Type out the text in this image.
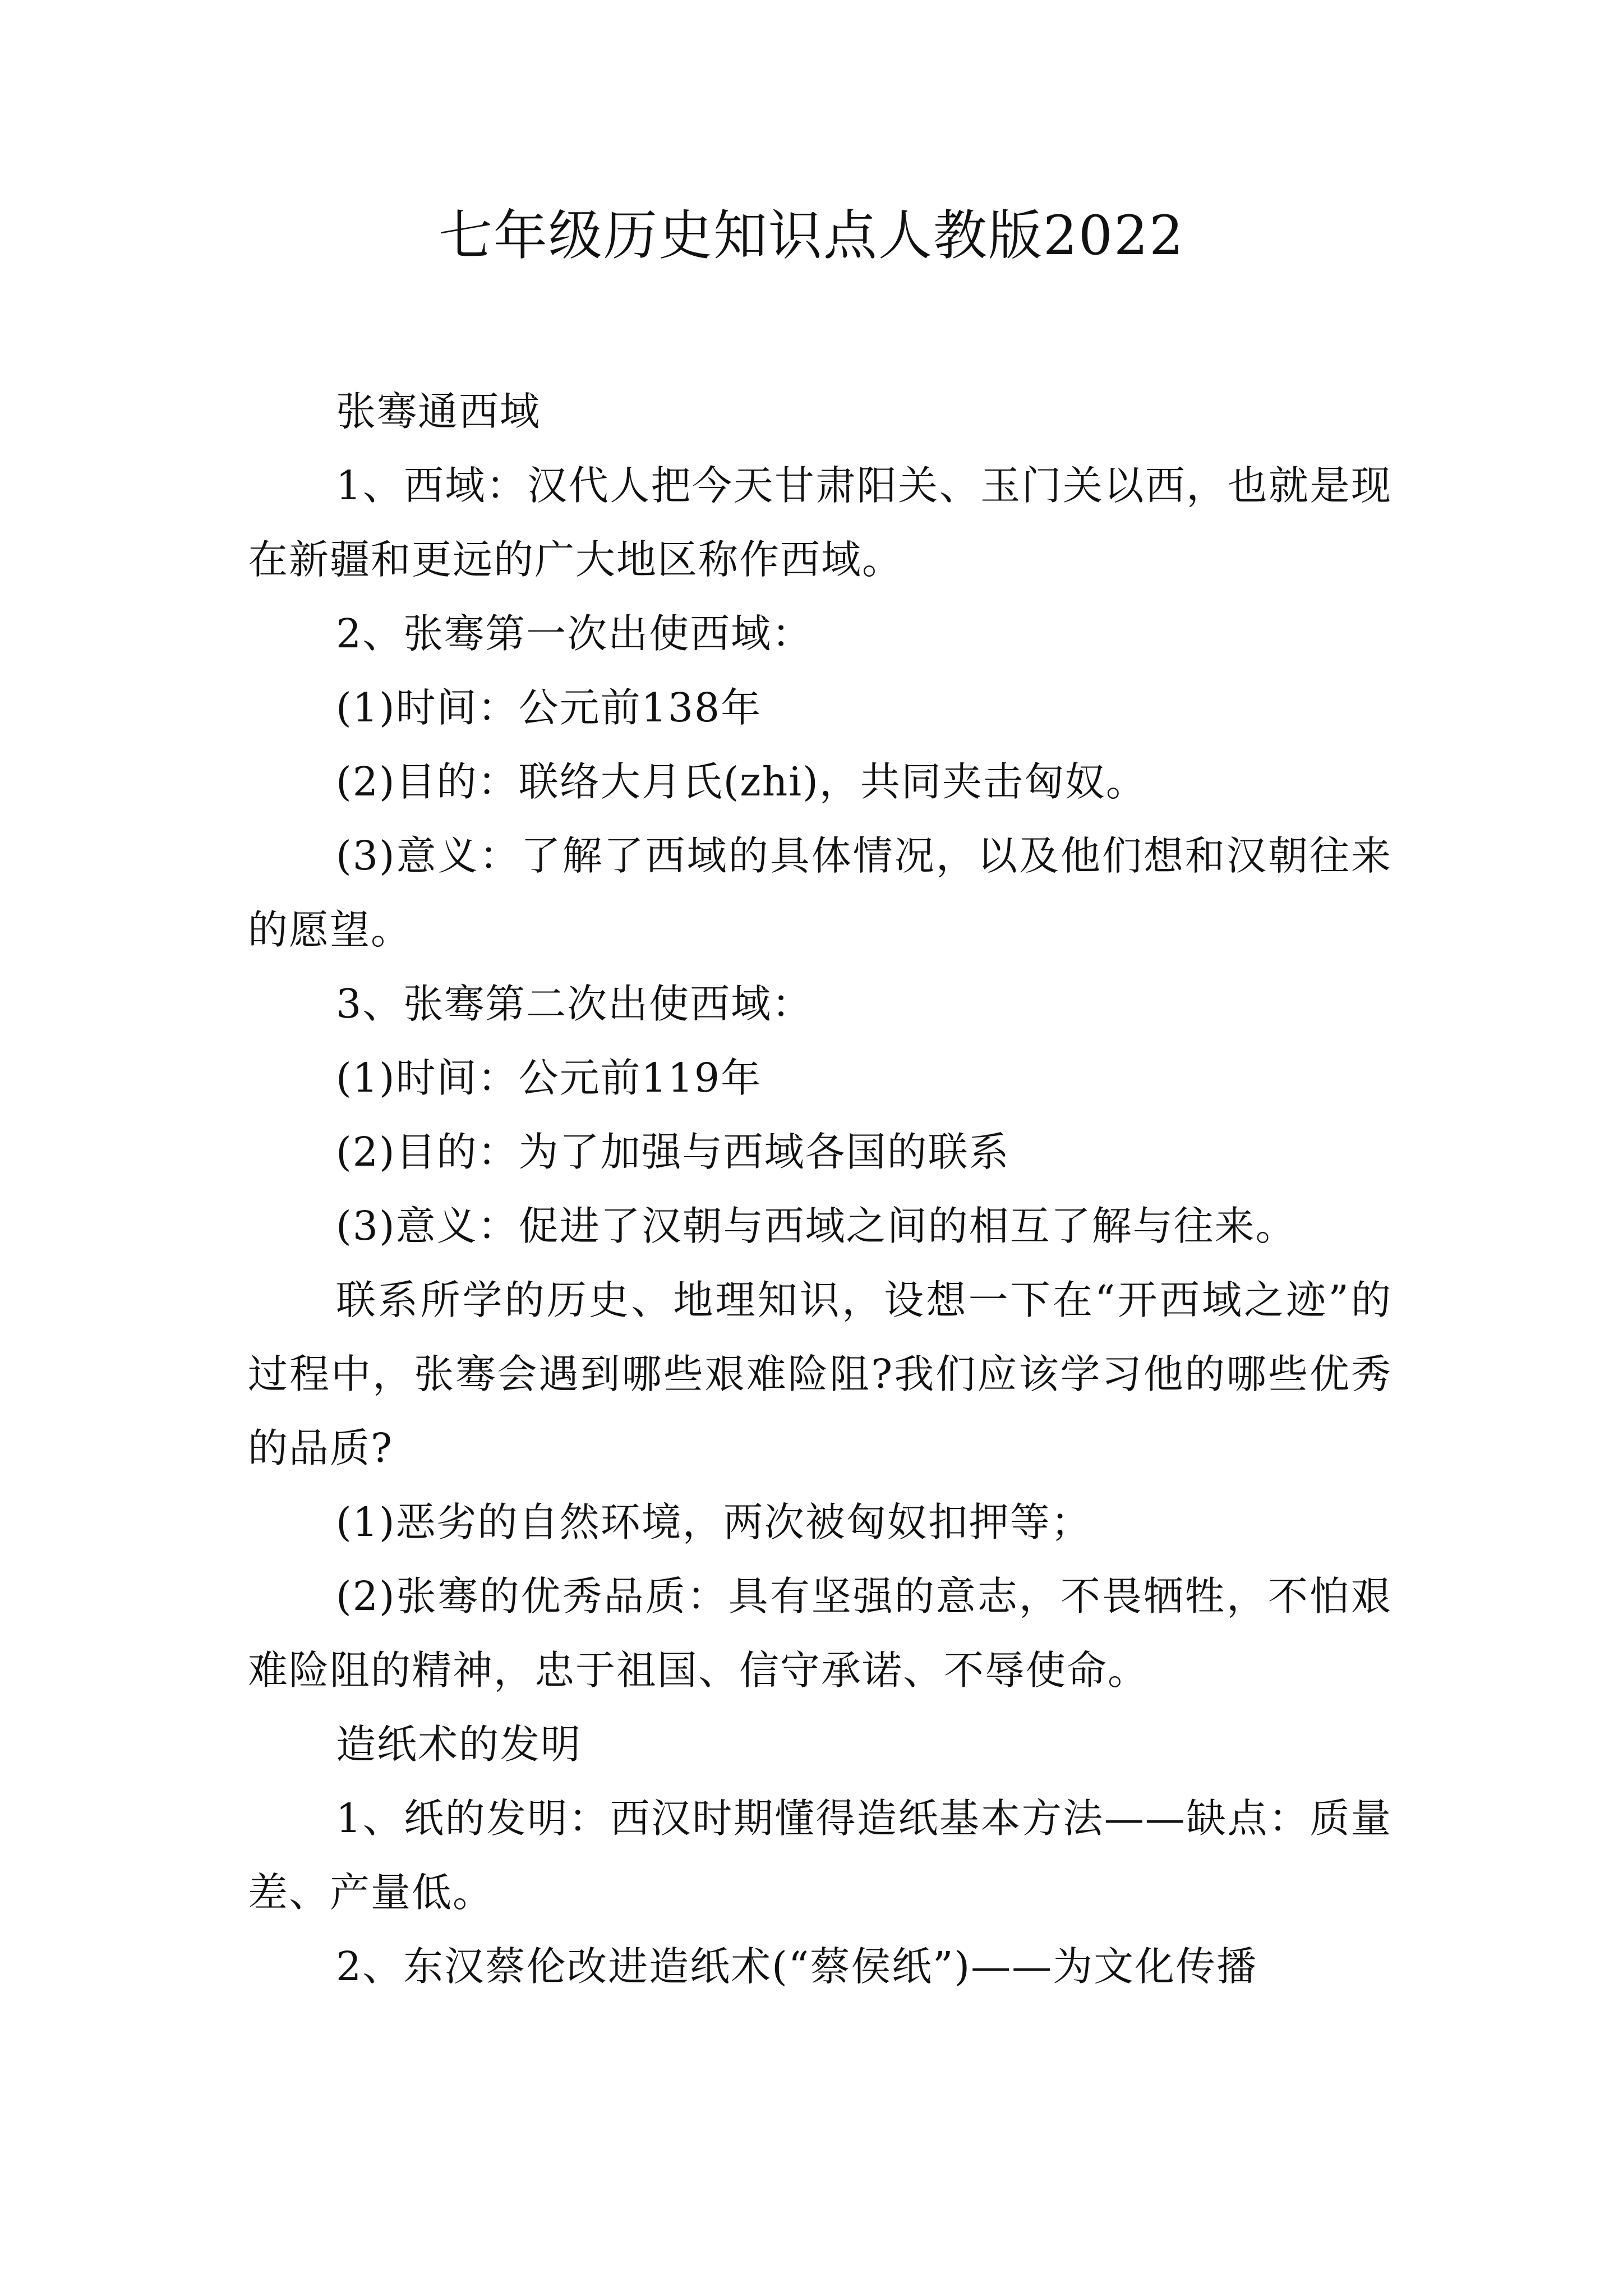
七年级历史知识点人教版2022

张骞通西域

1、西域：汉代人把今天甘肃阳关、玉门关以西，也就是现在新疆和更远的广大地区称作西域。

2、张骞第一次出使西域：

(1)时间：公元前138年

(2)目的：联络大月氏(zhi)，共同夹击匈奴。

(3)意义：了解了西域的具体情况，以及他们想和汉朝往来的愿望。

3、张骞第二次出使西域：

(1)时间：公元前119年

(2)目的：为了加强与西域各国的联系

(3)意义：促进了汉朝与西域之间的相互了解与往来。

联系所学的历史、地理知识，设想一下在“开西域之迹”的过程中，张骞会遇到哪些艰难险阻?我们应该学习他的哪些优秀的品质?

(1)恶劣的自然环境，两次被匈奴扣押等；

(2)张骞的优秀品质：具有坚强的意志，不畏牺牲，不怕艰难险阻的精神，忠于祖国、信守承诺、不辱使命。

造纸术的发明

1、纸的发明：西汉时期懂得造纸基本方法——缺点：质量差、产量低。

2、东汉蔡伦改进造纸术(“蔡侯纸”)——为文化传播
